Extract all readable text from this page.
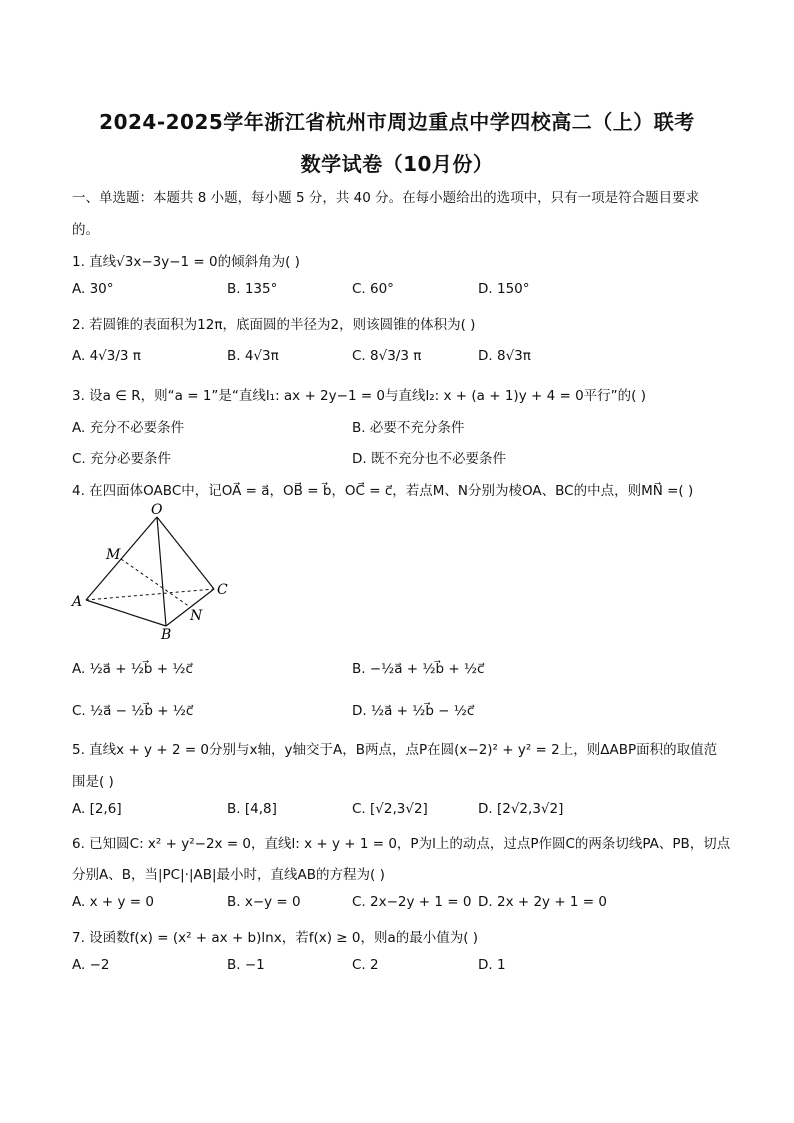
2024-2025学年浙江省杭州市周边重点中学四校高二（上）联考
数学试卷（10月份）
一、单选题：本题共 8 小题，每小题 5 分，共 40 分。在每小题给出的选项中，只有一项是符合题目要求
的。
1. 直线√3x−3y−1 = 0的倾斜角为( )
A. 30°	B. 135°	C. 60°	D. 150°
2. 若圆锥的表面积为12π，底面圆的半径为2，则该圆锥的体积为( )
A. 4√3/3 π	B. 4√3π	C. 8√3/3 π	D. 8√3π
3. 设a ∈ R，则“a = 1”是“直线l₁: ax + 2y−1 = 0与直线l₂: x + (a + 1)y + 4 = 0平行”的( )
A. 充分不必要条件	B. 必要不充分条件
C. 充分必要条件	D. 既不充分也不必要条件
4. 在四面体OABC中，记OA⃗ = a⃗，OB⃗ = b⃗，OC⃗ = c⃗，若点M、N分别为棱OA、BC的中点，则MN⃗ =( )
O
M
A
B
C
N
A. ½a⃗ + ½b⃗ + ½c⃗	B. −½a⃗ + ½b⃗ + ½c⃗
C. ½a⃗ − ½b⃗ + ½c⃗	D. ½a⃗ + ½b⃗ − ½c⃗
5. 直线x + y + 2 = 0分别与x轴，y轴交于A，B两点，点P在圆(x−2)² + y² = 2上，则ΔABP面积的取值范
围是( )
A. [2,6]	B. [4,8]	C. [√2,3√2]	D. [2√2,3√2]
6. 已知圆C: x² + y²−2x = 0，直线l: x + y + 1 = 0，P为l上的动点，过点P作圆C的两条切线PA、PB，切点
分别A、B，当|PC|·|AB|最小时，直线AB的方程为( )
A. x + y = 0	B. x−y = 0	C. 2x−2y + 1 = 0 D. 2x + 2y + 1 = 0
7. 设函数f(x) = (x² + ax + b)lnx，若f(x) ≥ 0，则a的最小值为( )
A. −2	B. −1	C. 2	D. 1
